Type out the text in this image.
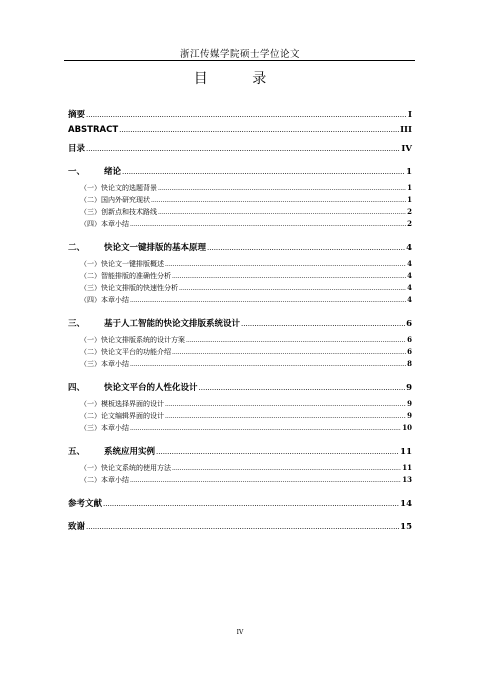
浙江传媒学院硕士学位论文
目 录
摘要 .....	I
ABSTRACT .....	III
目录 .....	IV
一、 绪论 .....	1
（一）快论文的选题背景 .....	1
（二）国内外研究现状 .....	1
（三）创新点和技术路线 .....	2
（四）本章小结 .....	2
二、 快论文一键排版的基本原理 .....	4
（一）快论文一键排版概述 .....	4
（二）智能排版的准确性分析 .....	4
（三）快论文排版的快速性分析 .....	4
（四）本章小结 .....	4
三、 基于人工智能的快论文排版系统设计 .....	6
（一）快论文排版系统的设计方案 .....	6
（二）快论文平台的功能介绍 .....	6
（三）本章小结 .....	8
四、 快论文平台的人性化设计 .....	9
（一）模板选择界面的设计 .....	9
（二）论文编辑界面的设计 .....	9
（三）本章小结 .....	10
五、 系统应用实例 .....	11
（一）快论文系统的使用方法 .....	11
（二）本章小结 .....	13
参考文献 .....	14
致谢 .....	15
IV
